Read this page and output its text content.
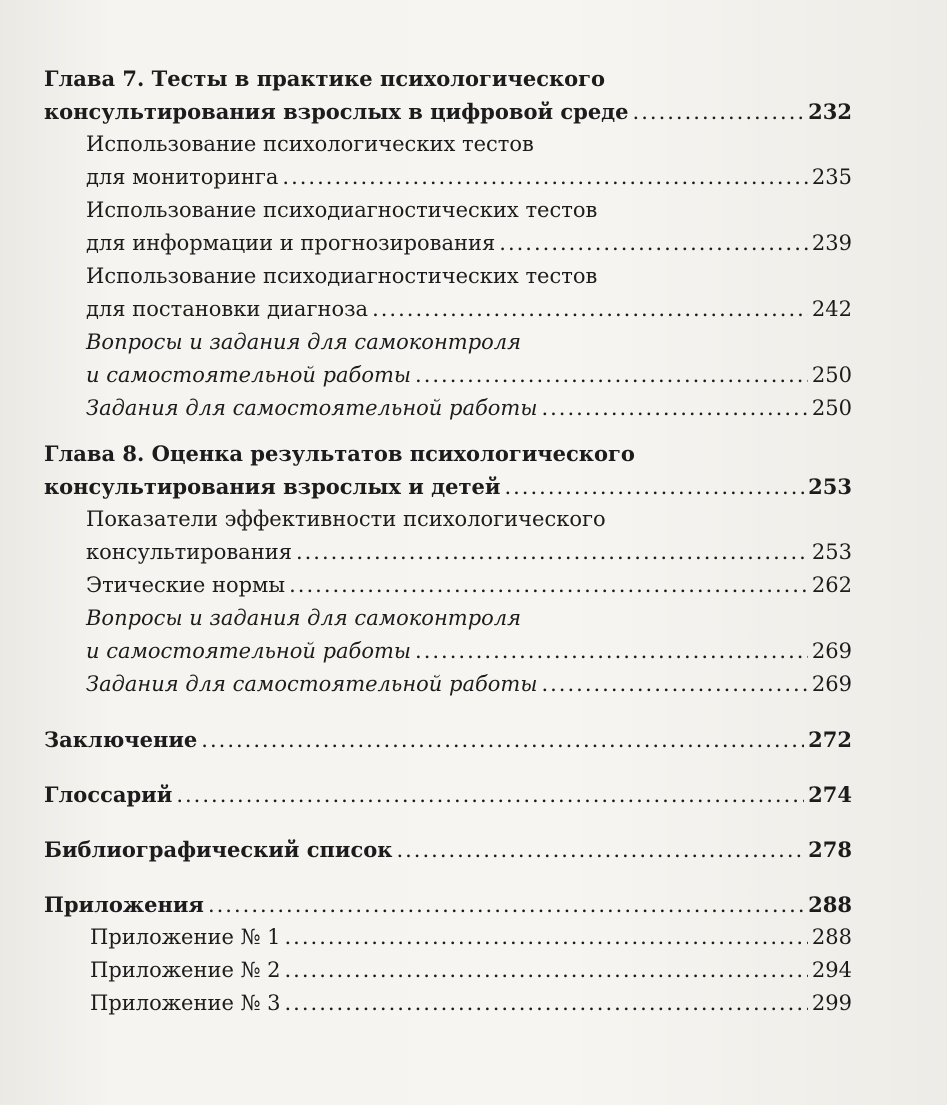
Глава 7. Тесты в практике психологического
консультирования взрослых в цифровой среде .....	232
Использование психологических тестов
для мониторинга .....	235
Использование психодиагностических тестов
для информации и прогнозирования .....	239
Использование психодиагностических тестов
для постановки диагноза .....	242
Вопросы и задания для самоконтроля
и самостоятельной работы .....	250
Задания для самостоятельной работы .....	250
Глава 8. Оценка результатов психологического
консультирования взрослых и детей .....	253
Показатели эффективности психологического
консультирования .....	253
Этические нормы .....	262
Вопросы и задания для самоконтроля
и самостоятельной работы .....	269
Задания для самостоятельной работы .....	269
Заключение .....	272
Глоссарий .....	274
Библиографический список .....	278
Приложения .....	288
Приложение № 1 .....	288
Приложение № 2 .....	294
Приложение № 3 .....	299
